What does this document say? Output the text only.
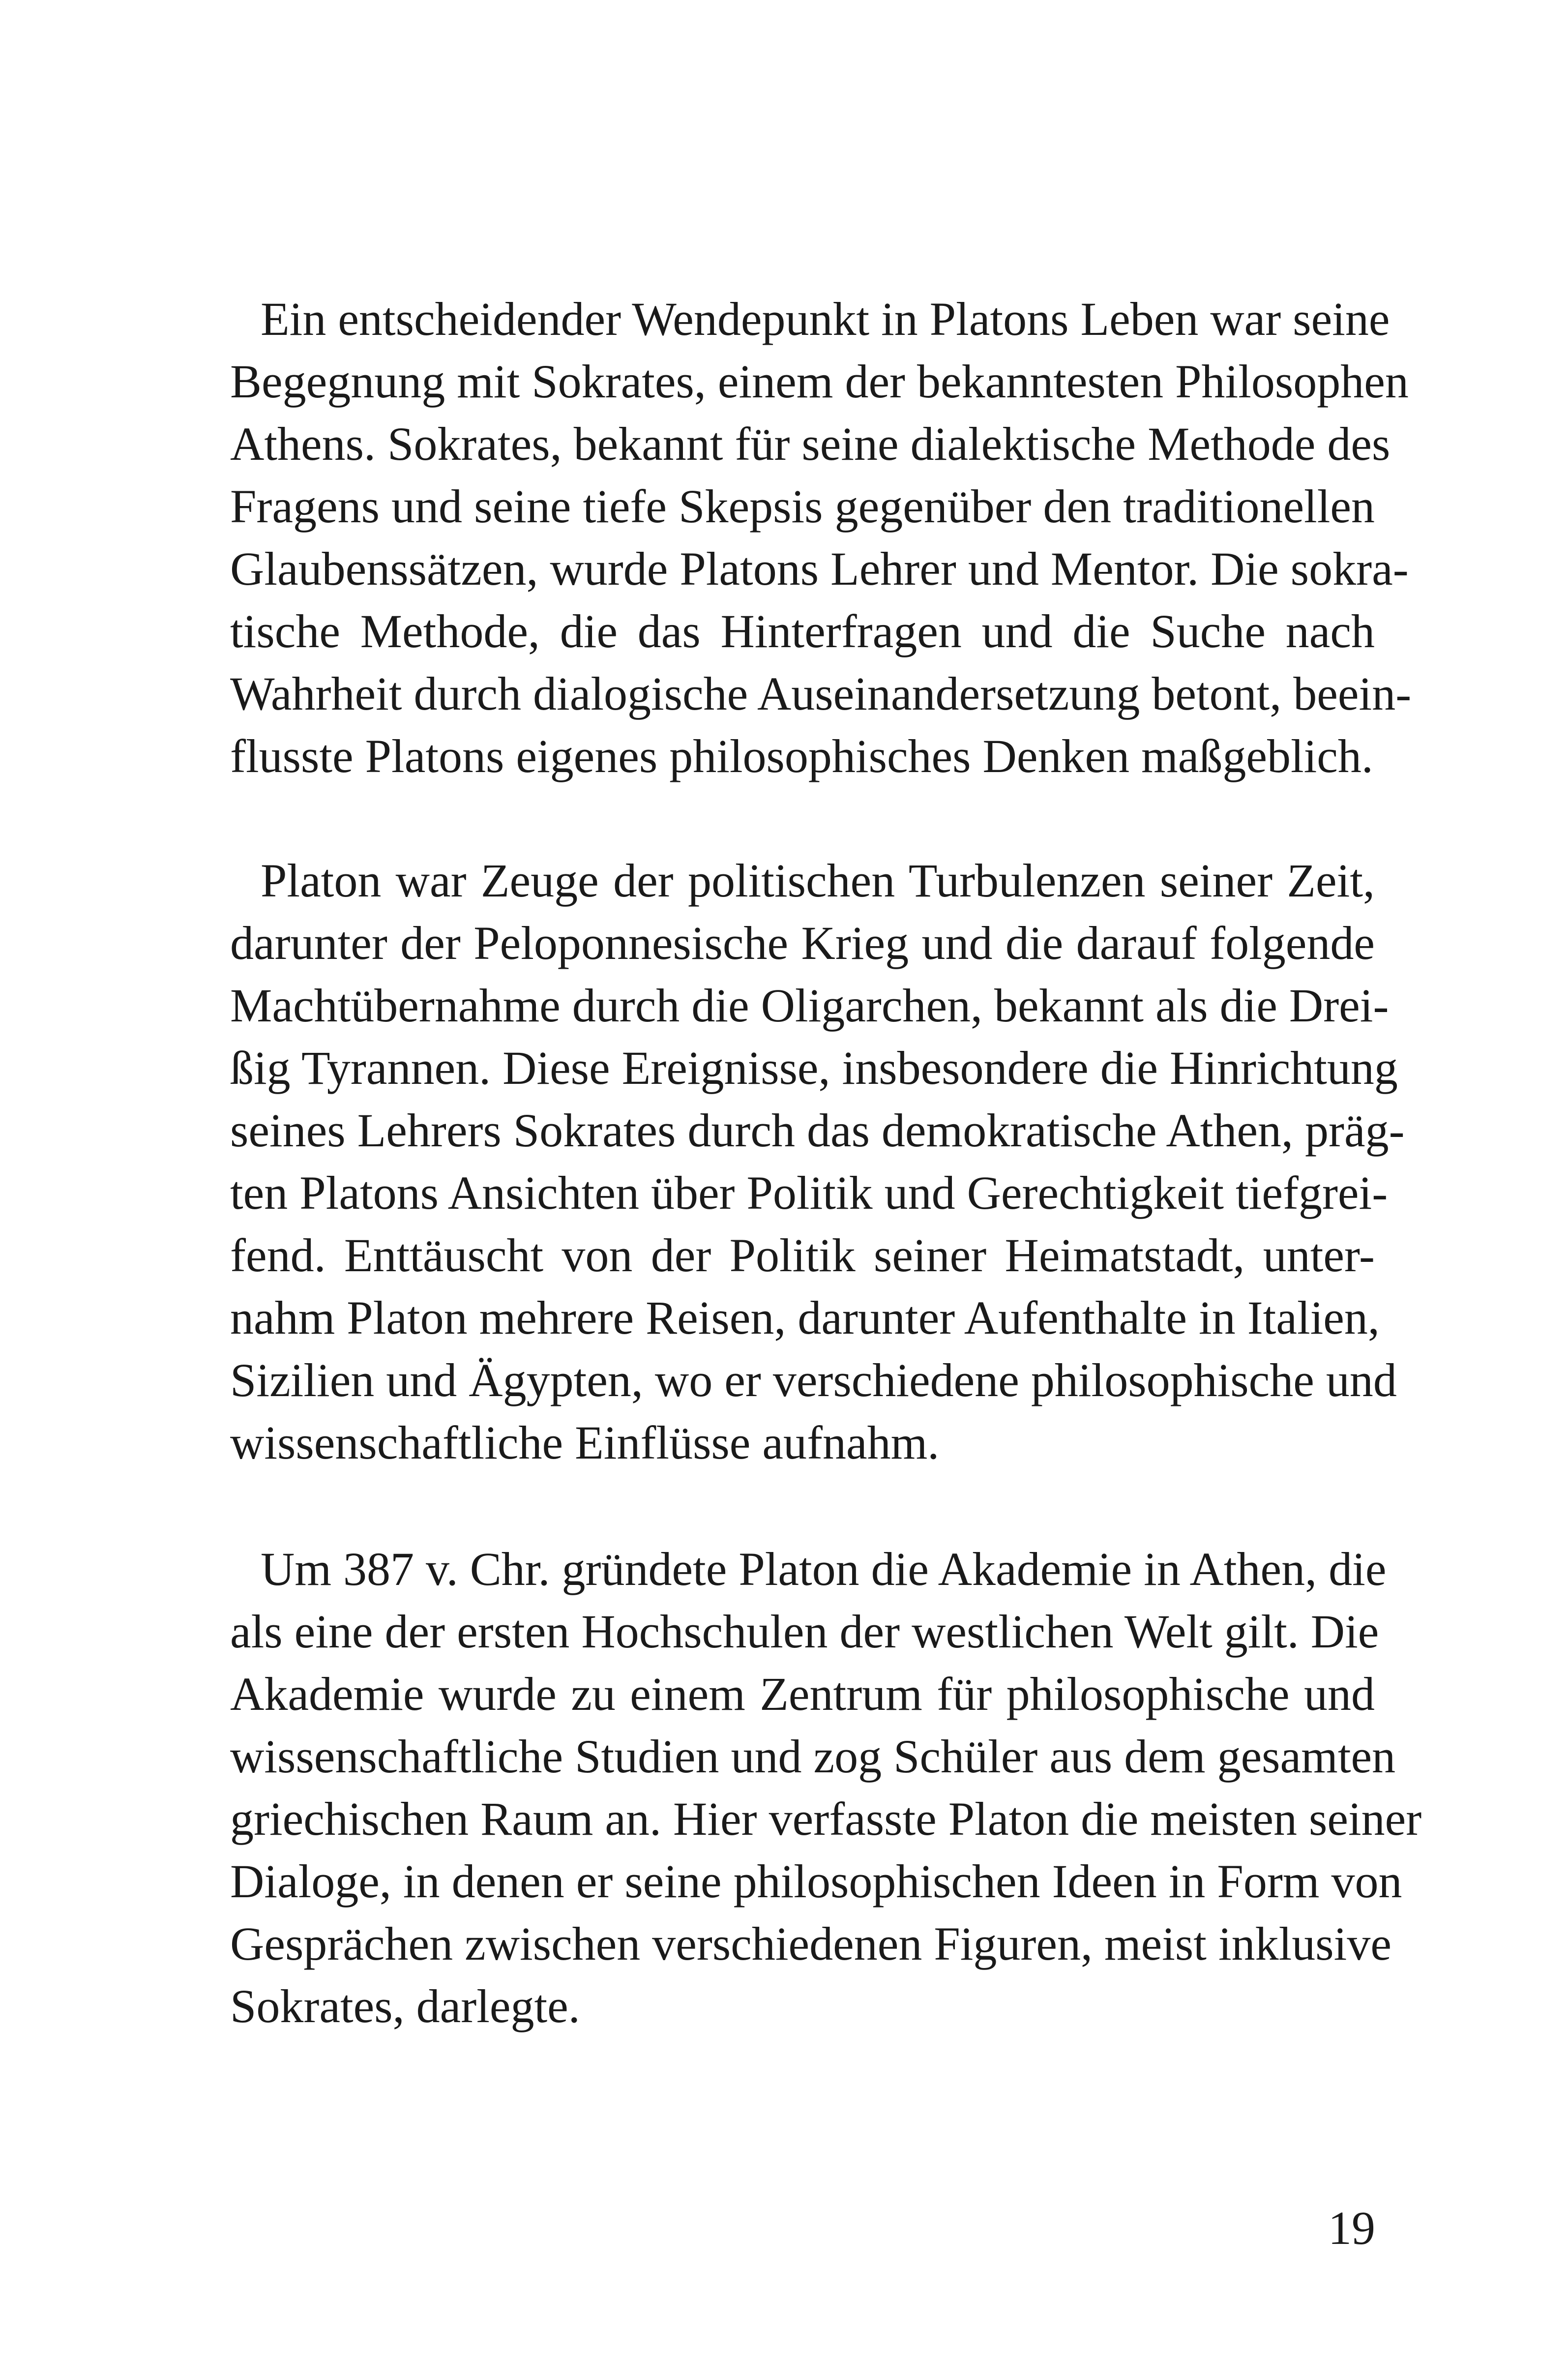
Ein entscheidender Wendepunkt in Platons Leben war seine
Begegnung mit Sokrates, einem der bekanntesten Philosophen
Athens. Sokrates, bekannt für seine dialektische Methode des
Fragens und seine tiefe Skepsis gegenüber den traditionellen
Glaubenssätzen, wurde Platons Lehrer und Mentor. Die sokra-
tische Methode, die das Hinterfragen und die Suche nach
Wahrheit durch dialogische Auseinandersetzung betont, beein-
flusste Platons eigenes philosophisches Denken maßgeblich.
Platon war Zeuge der politischen Turbulenzen seiner Zeit,
darunter der Peloponnesische Krieg und die darauf folgende
Machtübernahme durch die Oligarchen, bekannt als die Drei-
ßig Tyrannen. Diese Ereignisse, insbesondere die Hinrichtung
seines Lehrers Sokrates durch das demokratische Athen, präg-
ten Platons Ansichten über Politik und Gerechtigkeit tiefgrei-
fend. Enttäuscht von der Politik seiner Heimatstadt, unter-
nahm Platon mehrere Reisen, darunter Aufenthalte in Italien,
Sizilien und Ägypten, wo er verschiedene philosophische und
wissenschaftliche Einflüsse aufnahm.
Um 387 v. Chr. gründete Platon die Akademie in Athen, die
als eine der ersten Hochschulen der westlichen Welt gilt. Die
Akademie wurde zu einem Zentrum für philosophische und
wissenschaftliche Studien und zog Schüler aus dem gesamten
griechischen Raum an. Hier verfasste Platon die meisten seiner
Dialoge, in denen er seine philosophischen Ideen in Form von
Gesprächen zwischen verschiedenen Figuren, meist inklusive
Sokrates, darlegte.
19
